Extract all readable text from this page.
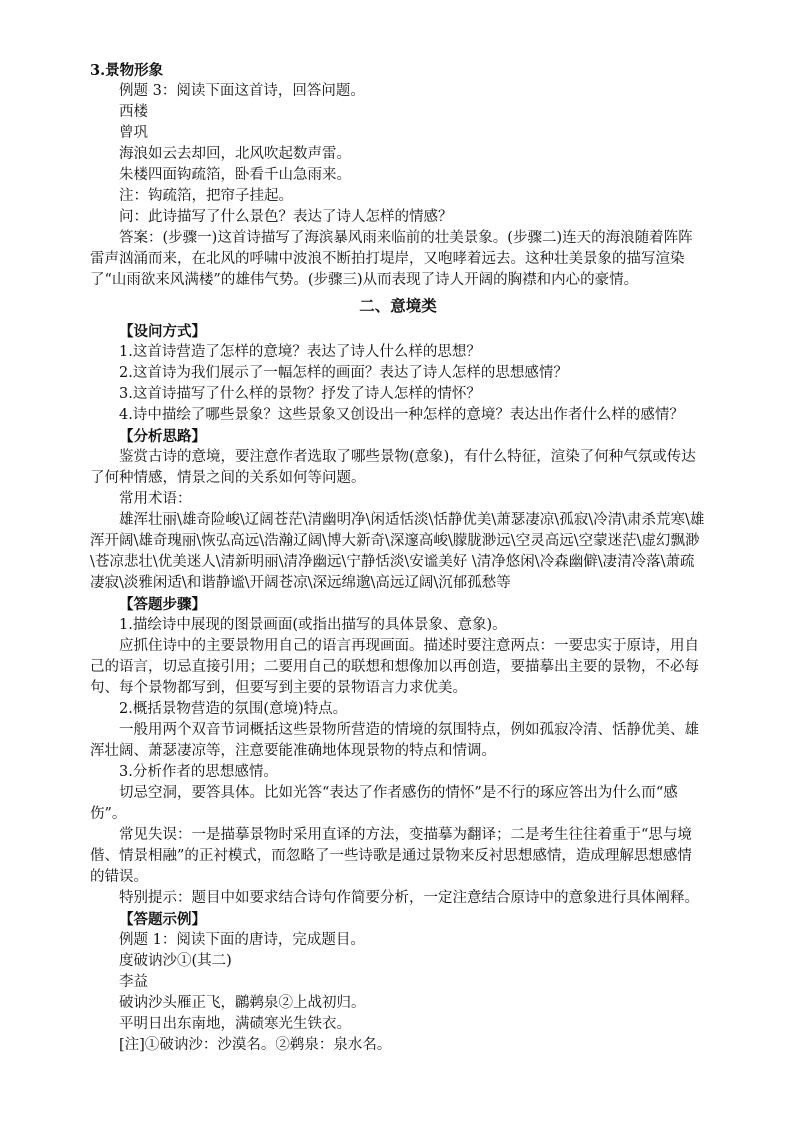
3.景物形象

例题 3：阅读下面这首诗，回答问题。

西楼

曾巩

海浪如云去却回，北风吹起数声雷。

朱楼四面钩疏箔，卧看千山急雨来。

注：钩疏箔，把帘子挂起。

问：此诗描写了什么景色？表达了诗人怎样的情感？

答案：(步骤一)这首诗描写了海滨暴风雨来临前的壮美景象。(步骤二)连天的海浪随着阵阵雷声汹涌而来，在北风的呼啸中波浪不断拍打堤岸，又咆哮着远去。这种壮美景象的描写渲染了“山雨欲来风满楼”的雄伟气势。(步骤三)从而表现了诗人开阔的胸襟和内心的豪情。

二、意境类

【设问方式】

1.这首诗营造了怎样的意境？表达了诗人什么样的思想？

2.这首诗为我们展示了一幅怎样的画面？表达了诗人怎样的思想感情？

3.这首诗描写了什么样的景物？抒发了诗人怎样的情怀？

4.诗中描绘了哪些景象？这些景象又创设出一种怎样的意境？表达出作者什么样的感情？

【分析思路】

鉴赏古诗的意境，要注意作者选取了哪些景物(意象)，有什么特征，渲染了何种气氛或传达了何种情感，情景之间的关系如何等问题。

常用术语：

雄浑壮丽\雄奇险峻\辽阔苍茫\清幽明净\闲适恬淡\恬静优美\萧瑟凄凉\孤寂\冷清\肃杀荒寒\雄浑开阔\雄奇瑰丽\恢弘高远\浩瀚辽阔\博大新奇\深邃高峻\朦胧渺远\空灵高远\空蒙迷茫\虚幻飘渺\苍凉悲壮\优美迷人\清新明丽\清净幽远\宁静恬淡\安谧美好 \清净悠闲\冷森幽僻\凄清冷落\萧疏凄寂\淡雅闲适\和谐静谧\开阔苍凉\深远绵邈\高远辽阔\沉郁孤愁等

【答题步骤】

1.描绘诗中展现的图景画面(或指出描写的具体景象、意象)。

应抓住诗中的主要景物用自己的语言再现画面。描述时要注意两点：一要忠实于原诗，用自己的语言，切忌直接引用；二要用自己的联想和想像加以再创造，要描摹出主要的景物，不必每句、每个景物都写到，但要写到主要的景物语言力求优美。

2.概括景物营造的氛围(意境)特点。

一般用两个双音节词概括这些景物所营造的情境的氛围特点，例如孤寂冷清、恬静优美、雄浑壮阔、萧瑟凄凉等，注意要能准确地体现景物的特点和情调。

3.分析作者的思想感情。

切忌空洞，要答具体。比如光答“表达了作者感伤的情怀”是不行的琢应答出为什么而“感伤”。

常见失误：一是描摹景物时采用直译的方法，变描摹为翻译；二是考生往往着重于“思与境偕、情景相融”的正衬模式，而忽略了一些诗歌是通过景物来反衬思想感情，造成理解思想感情的错误。

特别提示：题目中如要求结合诗句作简要分析，一定注意结合原诗中的意象进行具体阐释。

【答题示例】

例题 1：阅读下面的唐诗，完成题目。

度破讷沙①(其二)

李益

破讷沙头雁正飞，鸊鹈泉②上战初归。

平明日出东南地，满碛寒光生铁衣。

[注]①破讷沙：沙漠名。②鹈泉：泉水名。
